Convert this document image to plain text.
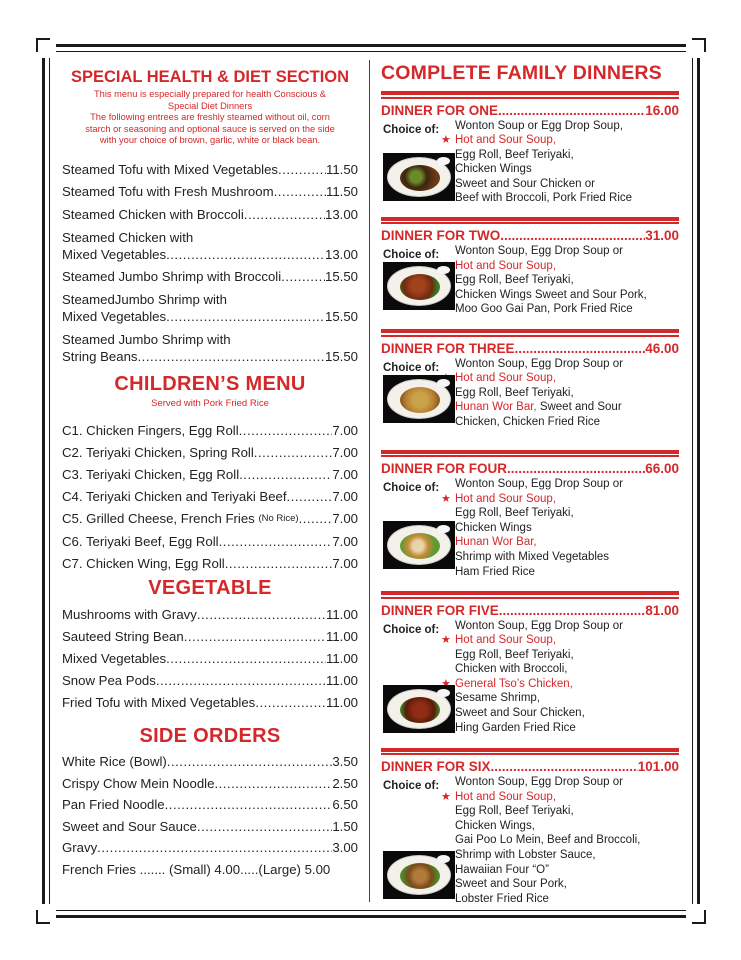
SPECIAL HEALTH & DIET SECTION
This menu is especially prepared for health Conscious &
Special Diet Dinners
The following entrees are freshly steamed without oil, corn
starch or seasoning and optional sauce is served on the side
with your choice of brown, garlic, white or black bean.
Steamed Tofu with Mixed Vegetables .....	11.50
Steamed Tofu with Fresh Mushroom .....	11.50
Steamed Chicken with Broccoli .....	13.00
Steamed Chicken with
Mixed Vegetables .....	13.00
Steamed Jumbo Shrimp with Broccoli .....	15.50
SteamedJumbo Shrimp with
Mixed Vegetables .....	15.50
Steamed Jumbo Shrimp with
String Beans .....	15.50
CHILDREN’S MENU
Served with Pork Fried Rice
C1. Chicken Fingers, Egg Roll .....	7.00
C2. Teriyaki Chicken, Spring Roll .....	7.00
C3. Teriyaki Chicken, Egg Roll .....	7.00
C4. Teriyaki Chicken and Teriyaki Beef .....	7.00
C5. Grilled Cheese, French Fries
(No Rice) .....	7.00
C6. Teriyaki Beef, Egg Roll .....	7.00
C7. Chicken Wing, Egg Roll .....	7.00
VEGETABLE
Mushrooms with Gravy .....	11.00
Sauteed String Bean .....	11.00
Mixed Vegetables .....	11.00
Snow Pea Pods .....	11.00
Fried Tofu with Mixed Vegetables .....	11.00
SIDE ORDERS
White Rice (Bowl) .....	3.50
Crispy Chow Mein Noodle .....	2.50
Pan Fried Noodle .....	6.50
Sweet and Sour Sauce .....	1.50
Gravy .....	3.00
French Fries ....... (Small) 4.00 ..... (Large) 5.00
COMPLETE FAMILY DINNERS
DINNER FOR ONE .....	16.00
Choice of: Wonton Soup or Egg Drop Soup,
★ Hot and Sour Soup,
Egg Roll, Beef Teriyaki,
Chicken Wings
Sweet and Sour Chicken or
Beef with Broccoli, Pork Fried Rice
DINNER FOR TWO .....	31.00
Choice of: Wonton Soup, Egg Drop Soup or
Hot and Sour Soup,
Egg Roll, Beef Teriyaki,
Chicken Wings Sweet and Sour Pork,
Moo Goo Gai Pan, Pork Fried Rice
DINNER FOR THREE .....	46.00
Choice of: Wonton Soup, Egg Drop Soup or
Hot and Sour Soup,
Egg Roll, Beef Teriyaki,
Hunan Wor Bar, Sweet and Sour
Chicken, Chicken Fried Rice
DINNER FOR FOUR .....	66.00
Choice of: Wonton Soup, Egg Drop Soup or
★ Hot and Sour Soup,
Egg Roll, Beef Teriyaki,
Chicken Wings
Hunan Wor Bar,
Shrimp with Mixed Vegetables
Ham Fried Rice
DINNER FOR FIVE .....	81.00
Choice of: Wonton Soup, Egg Drop Soup or
★ Hot and Sour Soup,
Egg Roll, Beef Teriyaki,
Chicken with Broccoli,
General Tso’s Chicken,
Sesame Shrimp,
Sweet and Sour Chicken,
Hing Garden Fried Rice
DINNER FOR SIX .....	101.00
Choice of: Wonton Soup, Egg Drop Soup or
★ Hot and Sour Soup,
Egg Roll, Beef Teriyaki,
Chicken Wings,
Gai Poo Lo Mein, Beef and Broccoli,
Shrimp with Lobster Sauce,
Hawaiian Four “O”
Sweet and Sour Pork,
Lobster Fried Rice
